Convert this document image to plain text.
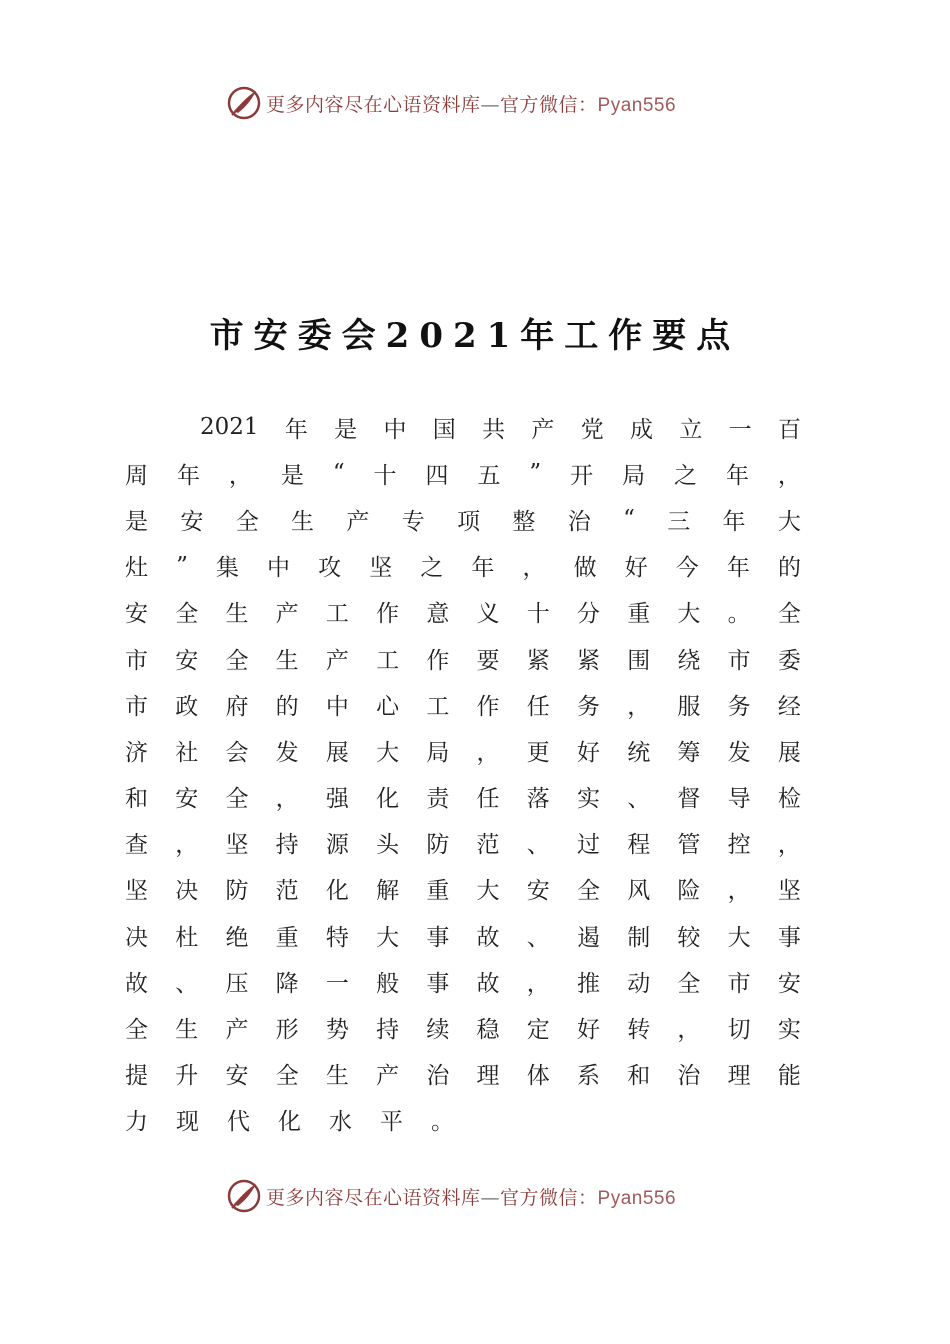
更多内容尽在心语资料库—官方微信：Pyan556
市安委会2021年工作要点
2021 年 是 中 国 共 产 党 成 立 一 百
周 年 ， 是 “ 十 四 五 ” 开 局 之 年 ，
是 安 全 生 产 专 项 整 治 “ 三 年 大
灶 ” 集 中 攻 坚 之 年 ， 做 好 今 年 的
安 全 生 产 工 作 意 义 十 分 重 大 。 全
市 安 全 生 产 工 作 要 紧 紧 围 绕 市 委
市 政 府 的 中 心 工 作 任 务 ， 服 务 经
济 社 会 发 展 大 局 ， 更 好 统 筹 发 展
和 安 全 ， 强 化 责 任 落 实 、 督 导 检
查 ， 坚 持 源 头 防 范 、 过 程 管 控 ，
坚 决 防 范 化 解 重 大 安 全 风 险 ， 坚
决 杜 绝 重 特 大 事 故 、 遏 制 较 大 事
故 、 压 降 一 般 事 故 ， 推 动 全 市 安
全 生 产 形 势 持 续 稳 定 好 转 ， 切 实
提 升 安 全 生 产 治 理 体 系 和 治 理 能
力 现 代 化 水 平 。
更多内容尽在心语资料库—官方微信：Pyan556
